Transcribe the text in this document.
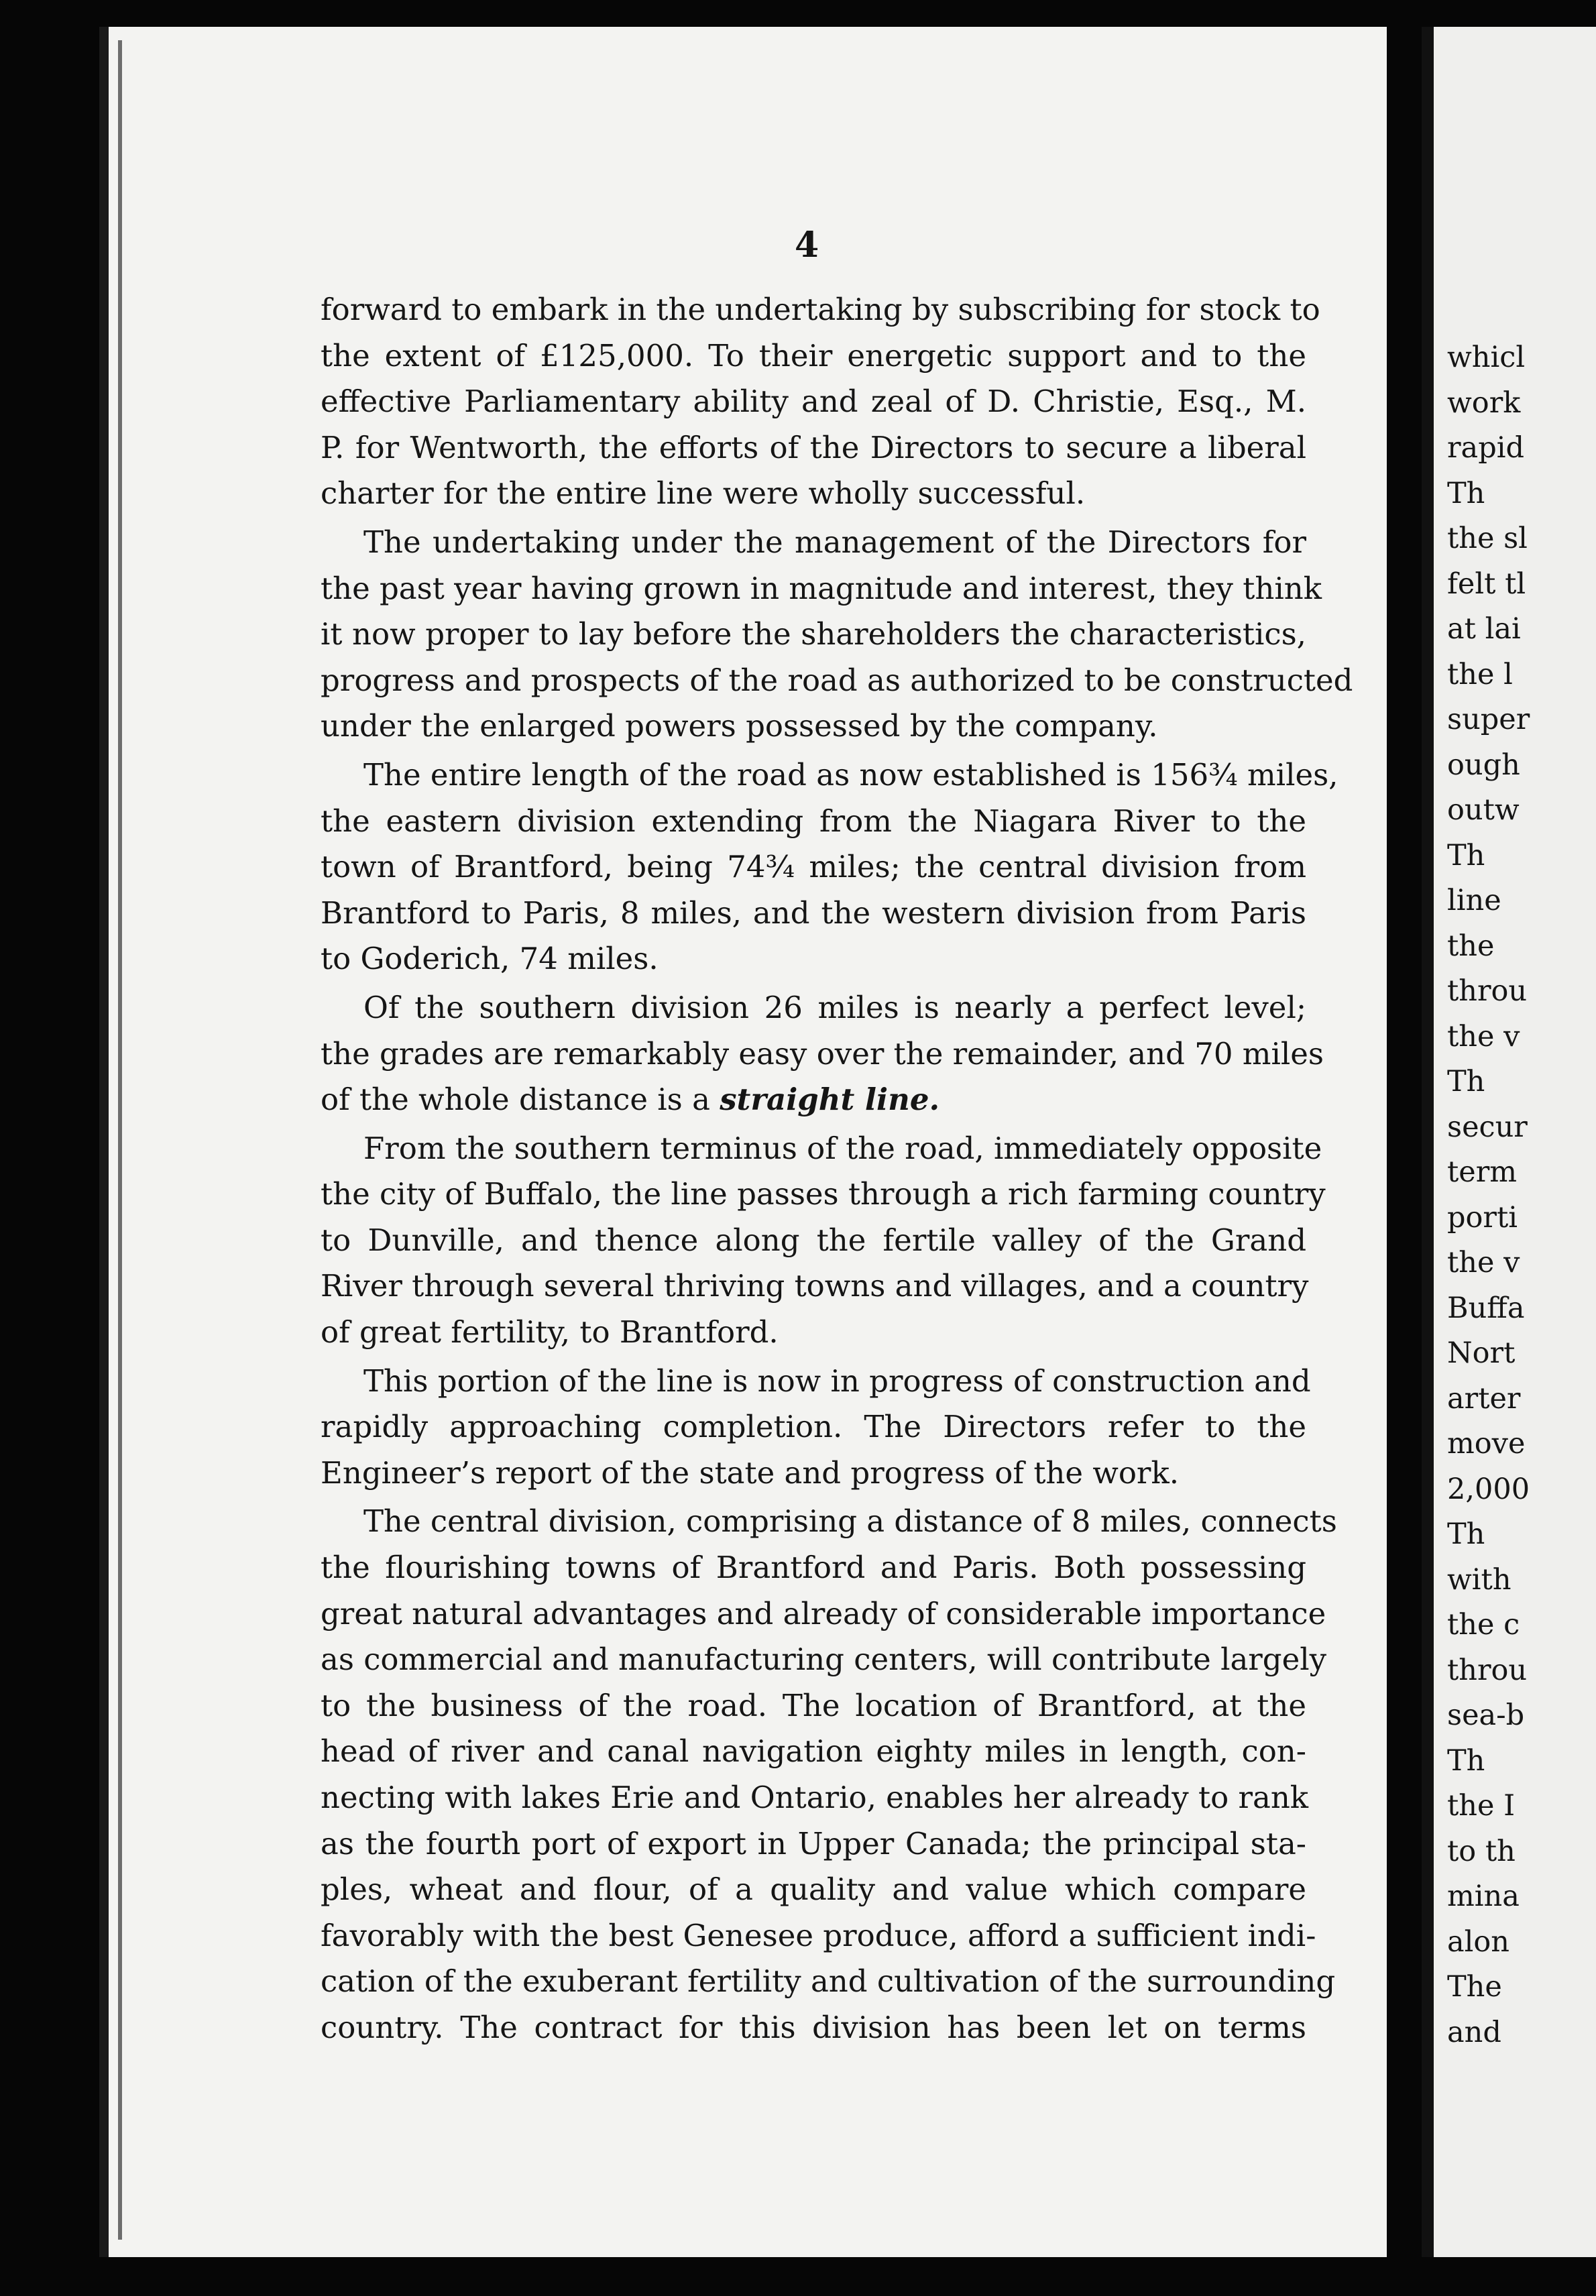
4
forward to embark in the undertaking by subscribing for stock to
the extent of £125,000. To their energetic support and to the
effective Parliamentary ability and zeal of D. Christie, Esq., M.
P. for Wentworth, the efforts of the Directors to secure a liberal
charter for the entire line were wholly successful.
The undertaking under the management of the Directors for
the past year having grown in magnitude and interest, they think
it now proper to lay before the shareholders the characteristics,
progress and prospects of the road as authorized to be constructed
under the enlarged powers possessed by the company.
The entire length of the road as now established is 156¾ miles,
the eastern division extending from the Niagara River to the
town of Brantford, being 74¾ miles; the central division from
Brantford to Paris, 8 miles, and the western division from Paris
to Goderich, 74 miles.
Of the southern division 26 miles is nearly a perfect level;
the grades are remarkably easy over the remainder, and 70 miles
of the whole distance is a straight line.
From the southern terminus of the road, immediately opposite
the city of Buffalo, the line passes through a rich farming country
to Dunville, and thence along the fertile valley of the Grand
River through several thriving towns and villages, and a country
of great fertility, to Brantford.
This portion of the line is now in progress of construction and
rapidly approaching completion. The Directors refer to the
Engineer’s report of the state and progress of the work.
The central division, comprising a distance of 8 miles, connects
the flourishing towns of Brantford and Paris. Both possessing
great natural advantages and already of considerable importance
as commercial and manufacturing centers, will contribute largely
to the business of the road. The location of Brantford, at the
head of river and canal navigation eighty miles in length, con-
necting with lakes Erie and Ontario, enables her already to rank
as the fourth port of export in Upper Canada; the principal sta-
ples, wheat and flour, of a quality and value which compare
favorably with the best Genesee produce, afford a sufficient indi-
cation of the exuberant fertility and cultivation of the surrounding
country. The contract for this division has been let on terms
whicl
work
rapid
Th
the sl
felt tl
at lai
the l
super
ough
outw
Th
line
the
throu
the v
Th
secur
term
porti
the v
Buffa
Nort
arter
move
2,000
Th
with
the c
throu
sea-b
Th
the I
to th
mina
alon
The
and
